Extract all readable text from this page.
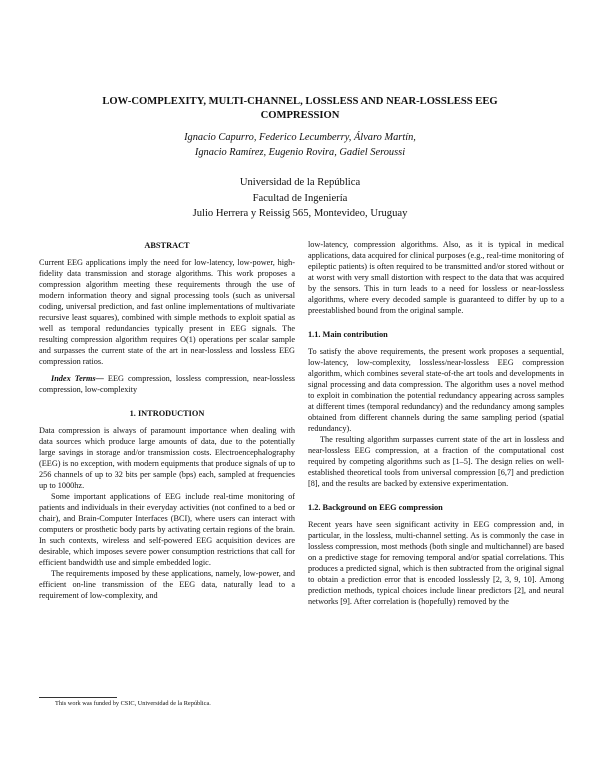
LOW-COMPLEXITY, MULTI-CHANNEL, LOSSLESS AND NEAR-LOSSLESS EEG
COMPRESSION
Ignacio Capurro, Federico Lecumberry, Álvaro Martín,
Ignacio Ramírez, Eugenio Rovira, Gadiel Seroussi
Universidad de la República
Facultad de Ingeniería
Julio Herrera y Reissig 565, Montevideo, Uruguay
ABSTRACT

Current EEG applications imply the need for low-latency, low-power, high-fidelity data transmission and storage algorithms. This work proposes a compression algorithm meeting these requirements through the use of modern information theory and signal processing tools (such as universal coding, universal prediction, and fast online implementations of multivariate recursive least squares), combined with simple methods to exploit spatial as well as temporal redundancies typically present in EEG signals. The resulting compression algorithm requires O(1) operations per scalar sample and surpasses the current state of the art in near-lossless and lossless EEG compression ratios.

Index Terms— EEG compression, lossless compression, near-lossless compression, low-complexity

1. INTRODUCTION

Data compression is always of paramount importance when dealing with data sources which produce large amounts of data, due to the potentially large savings in storage and/or transmission costs. Electroencephalography (EEG) is no exception, with modern equipments that produce signals of up to 256 channels of up to 32 bits per sample (bps) each, sampled at frequencies up to 1000hz.

Some important applications of EEG include real-time monitoring of patients and individuals in their everyday activities (not confined to a bed or chair), and Brain-Computer Interfaces (BCI), where users can interact with computers or prosthetic body parts by activating certain regions of the brain. In such contexts, wireless and self-powered EEG acquisition devices are desirable, which imposes severe power consumption restrictions that call for efficient bandwidth use and simple embedded logic.

The requirements imposed by these applications, namely, low-power, and efficient on-line transmission of the EEG data, naturally lead to a requirement of low-complexity, and

This work was funded by CSIC, Universidad de la República.

low-latency, compression algorithms. Also, as it is typical in medical applications, data acquired for clinical purposes (e.g., real-time monitoring of epileptic patients) is often required to be transmitted and/or stored without or at worst with very small distortion with respect to the data that was acquired by the sensors. This in turn leads to a need for lossless or near-lossless algorithms, where every decoded sample is guaranteed to differ by up to a preestablished bound from the original sample.

1.1. Main contribution

To satisfy the above requirements, the present work proposes a sequential, low-latency, low-complexity, lossless/near-lossless EEG compression algorithm, which combines several state-of-the art tools and developments in signal processing and data compression. The algorithm uses a novel method to exploit in combination the potential redundancy appearing across samples at different times (temporal redundancy) and the redundancy among samples obtained from different channels during the same sampling period (spatial redundancy).

The resulting algorithm surpasses current state of the art in lossless and near-lossless EEG compression, at a fraction of the computational cost required by competing algorithms such as [1–5]. The design relies on well-established theoretical tools from universal compression [6,7] and prediction [8], and the results are backed by extensive experimentation.

1.2. Background on EEG compression

Recent years have seen significant activity in EEG compression and, in particular, in the lossless, multi-channel setting. As is commonly the case in lossless compression, most methods (both single and multichannel) are based on a predictive stage for removing temporal and/or spatial correlations. This produces a predicted signal, which is then subtracted from the original signal to obtain a prediction error that is encoded losslessly [2, 3, 9, 10]. Among prediction methods, typical choices include linear predictors [2], and neural networks [9]. After correlation is (hopefully) removed by the
